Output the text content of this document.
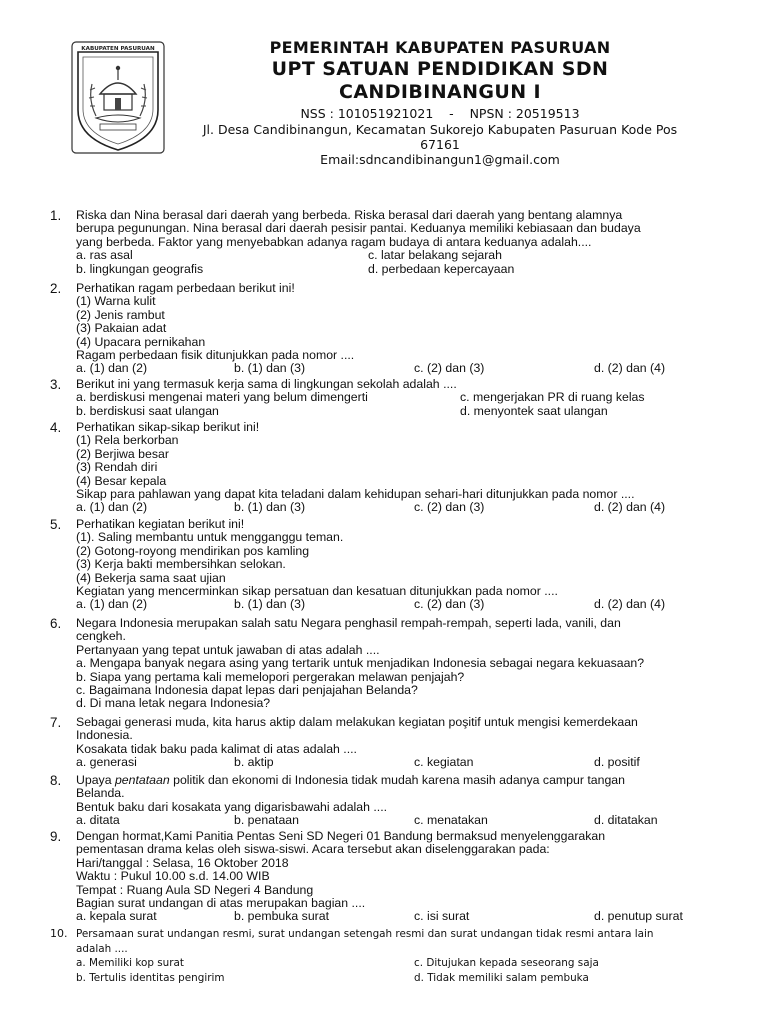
KABUPATEN PASURUAN	PEMERINTAH KABUPATEN PASURUAN
UPT SATUAN PENDIDIKAN SDN
CANDIBINANGUN I
NSS : 101051921021    -    NPSN : 20519513
Jl. Desa Candibinangun, Kecamatan Sukorejo Kabupaten Pasuruan Kode Pos
67161
Email:sdncandibinangun1@gmail.com
1.	Riska dan Nina berasal dari daerah yang berbeda. Riska berasal dari daerah yang bentang alamnya
berupa pegunungan. Nina berasal dari daerah pesisir pantai. Keduanya memiliki kebiasaan dan budaya
yang berbeda. Faktor yang menyebabkan adanya ragam budaya di antara keduanya adalah....
a. ras asal	c. latar belakang sejarah
b. lingkungan geografis	d. perbedaan kepercayaan
2.	Perhatikan ragam perbedaan berikut ini!
(1) Warna kulit
(2) Jenis rambut
(3) Pakaian adat
(4) Upacara pernikahan
Ragam perbedaan fisik ditunjukkan pada nomor ....
a. (1) dan (2)	b. (1) dan (3)	c. (2) dan (3)	d. (2) dan (4)
3.	Berikut ini yang termasuk kerja sama di lingkungan sekolah adalah ....
a. berdiskusi mengenai materi yang belum dimengerti	c. mengerjakan PR di ruang kelas
b. berdiskusi saat ulangan	d. menyontek saat ulangan
4.	Perhatikan sikap-sikap berikut ini!
(1) Rela berkorban
(2) Berjiwa besar
(3) Rendah diri
(4) Besar kepala
Sikap para pahlawan yang dapat kita teladani dalam kehidupan sehari-hari ditunjukkan pada nomor ....
a. (1) dan (2)	b. (1) dan (3)	c. (2) dan (3)	d. (2) dan (4)
5.	Perhatikan kegiatan berikut ini!
(1). Saling membantu untuk mengganggu teman.
(2) Gotong-royong mendirikan pos kamling
(3) Kerja bakti membersihkan selokan.
(4) Bekerja sama saat ujian
Kegiatan yang mencerminkan sikap persatuan dan kesatuan ditunjukkan pada nomor ....
a. (1) dan (2)	b. (1) dan (3)	c. (2) dan (3)	d. (2) dan (4)
6.	Negara Indonesia merupakan salah satu Negara penghasil rempah-rempah, seperti lada, vanili, dan
cengkeh.
Pertanyaan yang tepat untuk jawaban di atas adalah ....
a. Mengapa banyak negara asing yang tertarik untuk menjadikan Indonesia sebagai negara kekuasaan?
b. Siapa yang pertama kali memelopori pergerakan melawan penjajah?
c. Bagaimana Indonesia dapat lepas dari penjajahan Belanda?
d. Di mana letak negara Indonesia?
7.	Sebagai generasi muda, kita harus aktip dalam melakukan kegiatan poşitif untuk mengisi kemerdekaan
Indonesia.
Kosakata tidak baku pada kalimat di atas adalah ....
a. generasi	b. aktip	c. kegiatan	d. positif
8.	Upaya pentataan politik dan ekonomi di Indonesia tidak mudah karena masih adanya campur tangan
Belanda.
Bentuk baku dari kosakata yang digarisbawahi adalah ....
a. ditata	b. penataan	c. menatakan	d. ditatakan
9.	Dengan hormat,Kami Panitia Pentas Seni SD Negeri 01 Bandung bermaksud menyelenggarakan
pementasan drama kelas oleh siswa-siswi. Acara tersebut akan diselenggarakan pada:
Hari/tanggal : Selasa, 16 Oktober 2018
Waktu : Pukul 10.00 s.d. 14.00 WIB
Tempat : Ruang Aula SD Negeri 4 Bandung
Bagian surat undangan di atas merupakan bagian ....
a. kepala surat	b. pembuka surat	c. isi surat	d. penutup surat
10. Persamaan surat undangan resmi, surat undangan setengah resmi dan surat undangan tidak resmi antara lain
adalah ....
a. Memiliki kop surat	c. Ditujukan kepada seseorang saja
b. Tertulis identitas pengirim	d. Tidak memiliki salam pembuka
